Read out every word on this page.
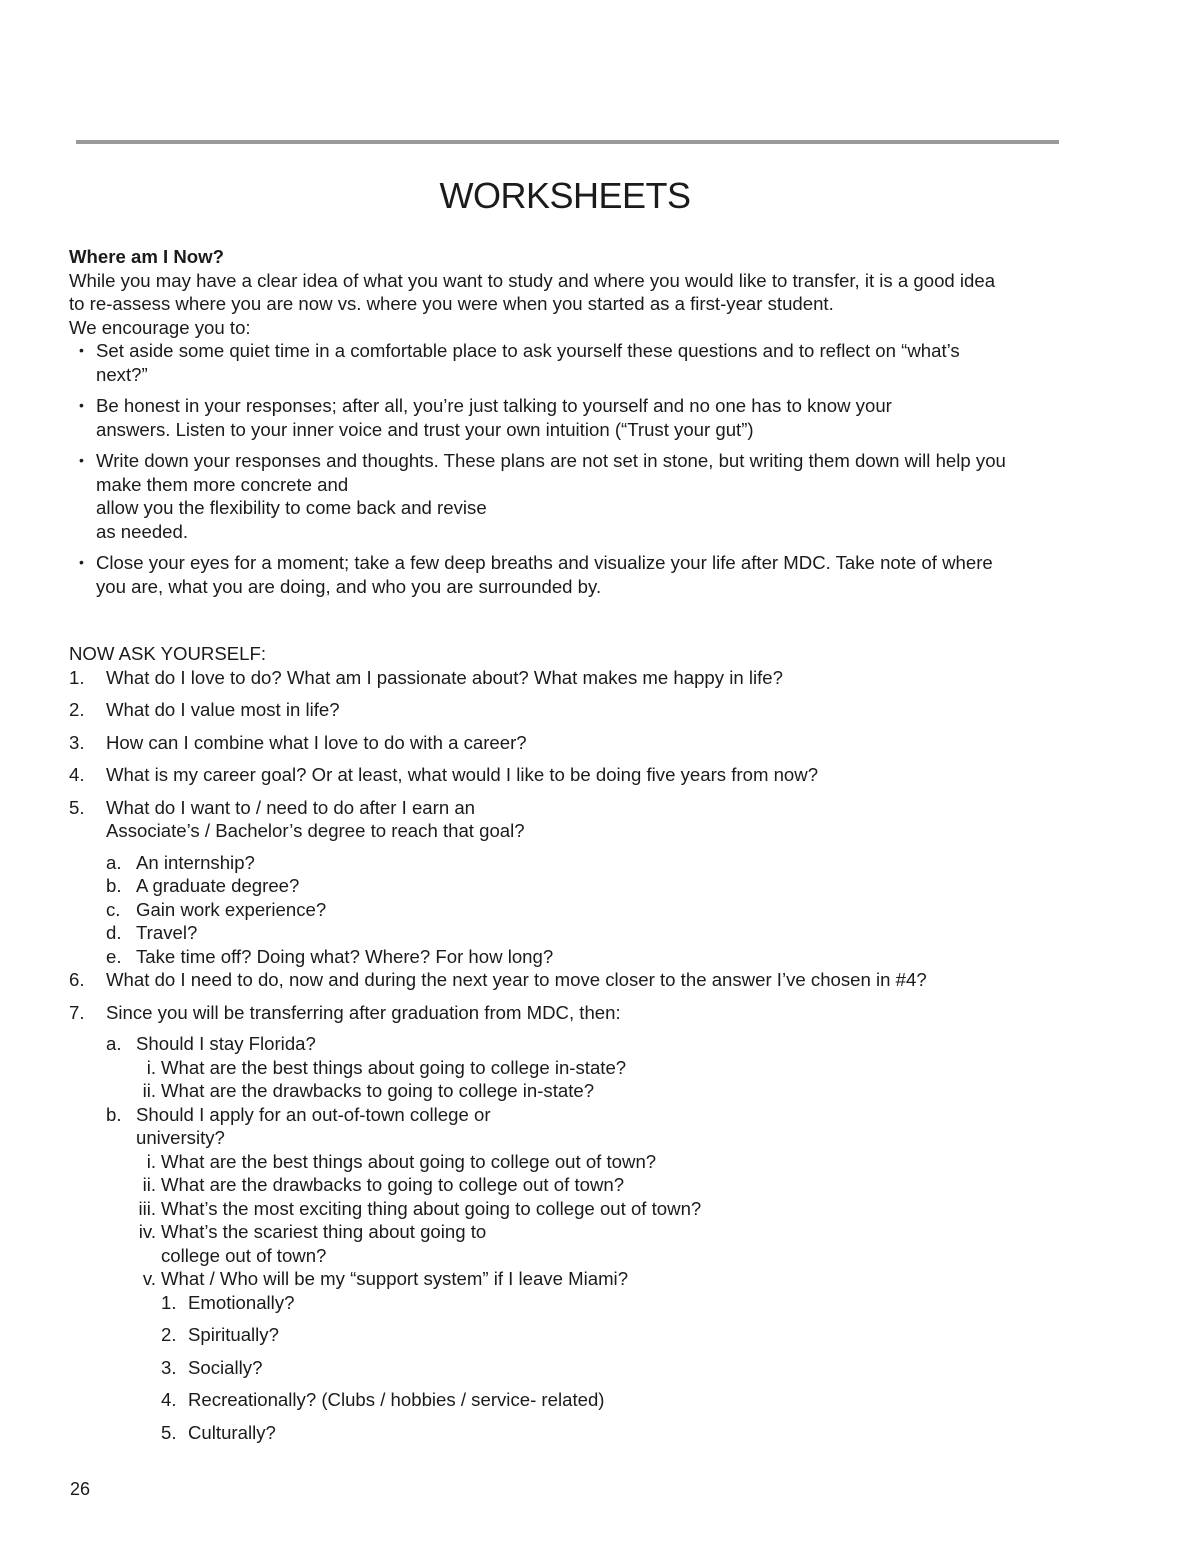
WORKSHEETS
Where am I Now?
While you may have a clear idea of what you want to study and where you would like to transfer, it is a good idea
to re-assess where you are now vs. where you were when you started as a first-year student.
We encourage you to:
• Set aside some quiet time in a comfortable place to ask yourself these questions and to reflect on “what’s
next?”
• Be honest in your responses; after all, you’re just talking to yourself and no one has to know your
answers. Listen to your inner voice and trust your own intuition (“Trust your gut”)
• Write down your responses and thoughts. These plans are not set in stone, but writing them down will help you
make them more concrete and
allow you the flexibility to come back and revise
as needed.
• Close your eyes for a moment; take a few deep breaths and visualize your life after MDC. Take note of where
you are, what you are doing, and who you are surrounded by.
NOW ASK YOURSELF:
1. What do I love to do? What am I passionate about? What makes me happy in life?
2. What do I value most in life?
3. How can I combine what I love to do with a career?
4. What is my career goal? Or at least, what would I like to be doing five years from now?
5. What do I want to / need to do after I earn an
Associate’s / Bachelor’s degree to reach that goal?
a. An internship?
b. A graduate degree?
c. Gain work experience?
d. Travel?
e. Take time off? Doing what? Where? For how long?
6. What do I need to do, now and during the next year to move closer to the answer I’ve chosen in #4?
7. Since you will be transferring after graduation from MDC, then:
a. Should I stay Florida?
i. What are the best things about going to college in-state?
ii. What are the drawbacks to going to college in-state?
b. Should I apply for an out-of-town college or
university?
i. What are the best things about going to college out of town?
ii. What are the drawbacks to going to college out of town?
iii. What’s the most exciting thing about going to college out of town?
iv. What’s the scariest thing about going to
college out of town?
v. What / Who will be my “support system” if I leave Miami?
1. Emotionally?
2. Spiritually?
3. Socially?
4. Recreationally? (Clubs / hobbies / service- related)
5. Culturally?
26
